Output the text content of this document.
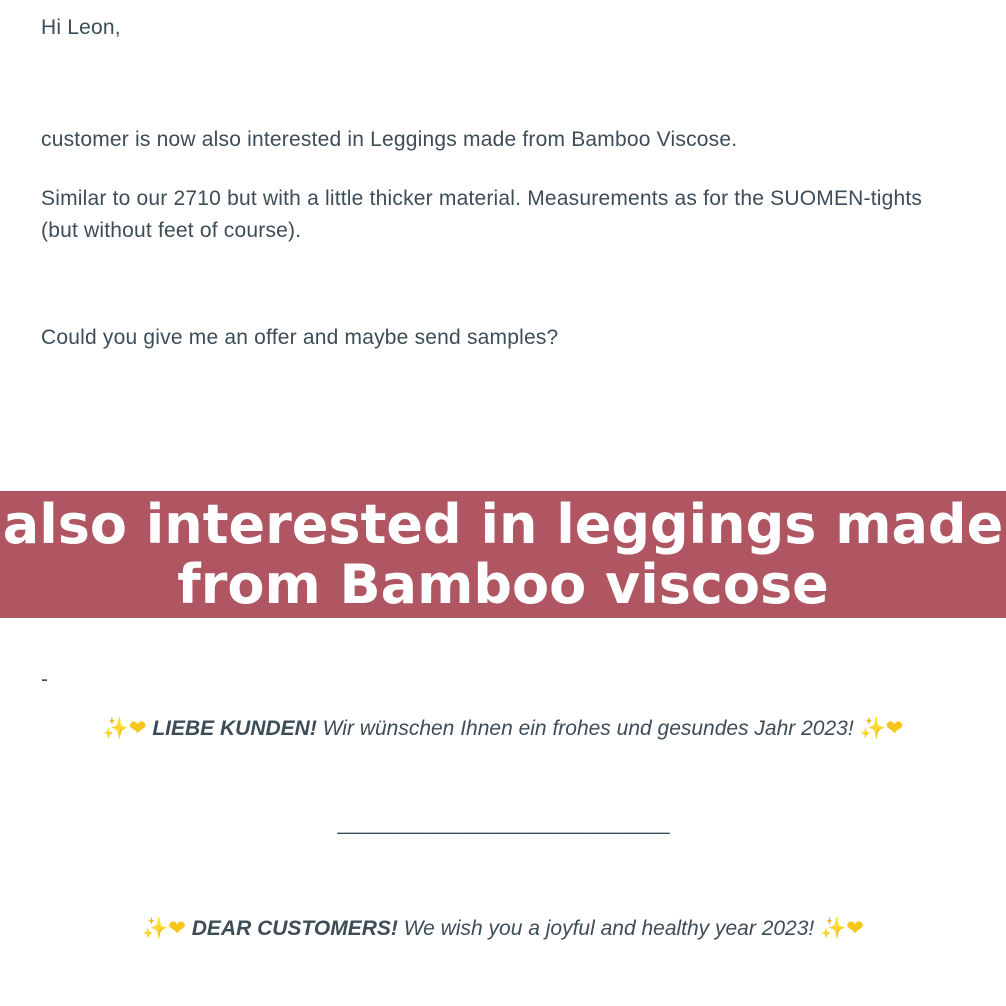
Hi Leon,
customer is now also interested in Leggings made from Bamboo Viscose.
Similar to our 2710 but with a little thicker material. Measurements as for the SUOMEN-tights (but without feet of course).
Could you give me an offer and maybe send samples?
also interested in leggings made
from Bamboo viscose
-
✨❤ LIEBE KUNDEN! Wir wünschen Ihnen ein frohes und gesundes Jahr 2023! ✨❤
_______________________________
✨❤ DEAR CUSTOMERS! We wish you a joyful and healthy year 2023! ✨❤
